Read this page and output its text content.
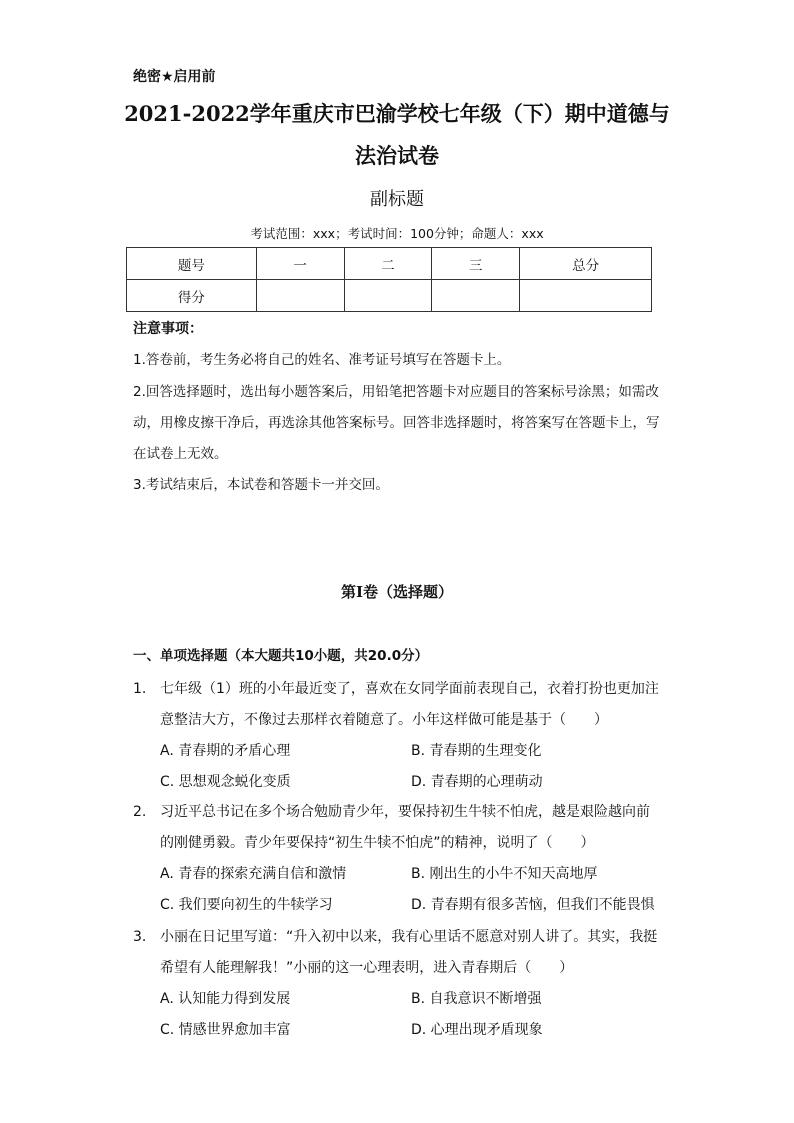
绝密★启用前
2021-2022学年重庆市巴渝学校七年级（下）期中道德与
法治试卷
副标题
考试范围：xxx；考试时间：100分钟；命题人：xxx
题号	一	二	三	总分
得分				
注意事项：
1.答卷前，考生务必将自己的姓名、准考证号填写在答题卡上。
2.回答选择题时，选出每小题答案后，用铅笔把答题卡对应题目的答案标号涂黑；如需改动，用橡皮擦干净后，再选涂其他答案标号。回答非选择题时，将答案写在答题卡上，写在试卷上无效。
3.考试结束后，本试卷和答题卡一并交回。
第I卷（选择题）
一、单项选择题（本大题共10小题，共20.0分）
1. 七年级（1）班的小年最近变了，喜欢在女同学面前表现自己，衣着打扮也更加注意整洁大方，不像过去那样衣着随意了。小年这样做可能是基于（　　）
A. 青春期的矛盾心理	B. 青春期的生理变化
C. 思想观念蜕化变质	D. 青春期的心理萌动
2. 习近平总书记在多个场合勉励青少年，要保持初生牛犊不怕虎，越是艰险越向前的刚健勇毅。青少年要保持“初生牛犊不怕虎”的精神，说明了（　　）
A. 青春的探索充满自信和激情	B. 刚出生的小牛不知天高地厚
C. 我们要向初生的牛犊学习	D. 青春期有很多苦恼，但我们不能畏惧
3. 小丽在日记里写道：“升入初中以来，我有心里话不愿意对别人讲了。其实，我挺希望有人能理解我！”小丽的这一心理表明，进入青春期后（　　）
A. 认知能力得到发展	B. 自我意识不断增强
C. 情感世界愈加丰富	D. 心理出现矛盾现象
